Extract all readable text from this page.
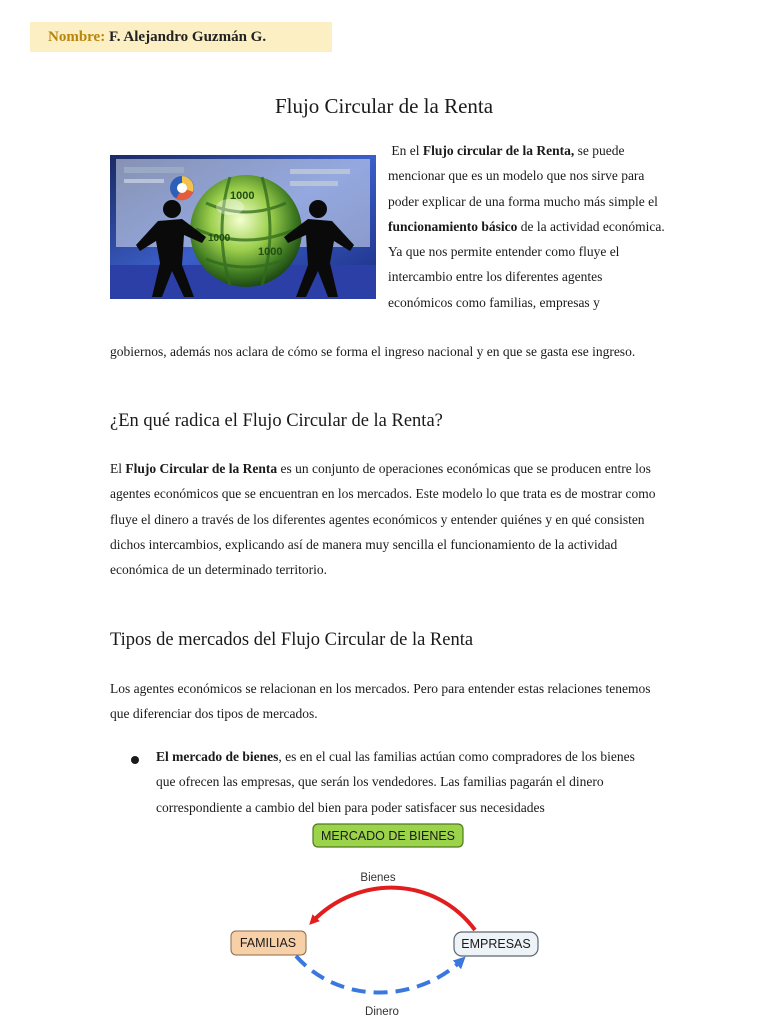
Nombre: F. Alejandro Guzmán G.
Flujo Circular de la Renta
1000
1000
1000

En el Flujo circular de la Renta, se puede mencionar que es un modelo que nos sirve para poder explicar de una forma mucho más simple el funcionamiento básico de la actividad económica. Ya que nos permite entender como fluye el intercambio entre los diferentes agentes económicos como familias, empresas y

gobiernos, además nos aclara de cómo se forma el ingreso nacional y en que se gasta ese ingreso.

¿En qué radica el Flujo Circular de la Renta?

El Flujo Circular de la Renta es un conjunto de operaciones económicas que se producen entre los agentes económicos que se encuentran en los mercados. Este modelo lo que trata es de mostrar como fluye el dinero a través de los diferentes agentes económicos y entender quiénes y en qué consisten dichos intercambios, explicando así de manera muy sencilla el funcionamiento de la actividad económica de un determinado territorio.

Tipos de mercados del Flujo Circular de la Renta

Los agentes económicos se relacionan en los mercados. Pero para entender estas relaciones tenemos que diferenciar dos tipos de mercados.

El mercado de bienes, es en el cual las familias actúan como compradores de los bienes que ofrecen las empresas, que serán los vendedores. Las familias pagarán el dinero correspondiente a cambio del bien para poder satisfacer sus necesidades

MERCADO DE BIENES
Bienes
FAMILIAS	EMPRESAS
Dinero
